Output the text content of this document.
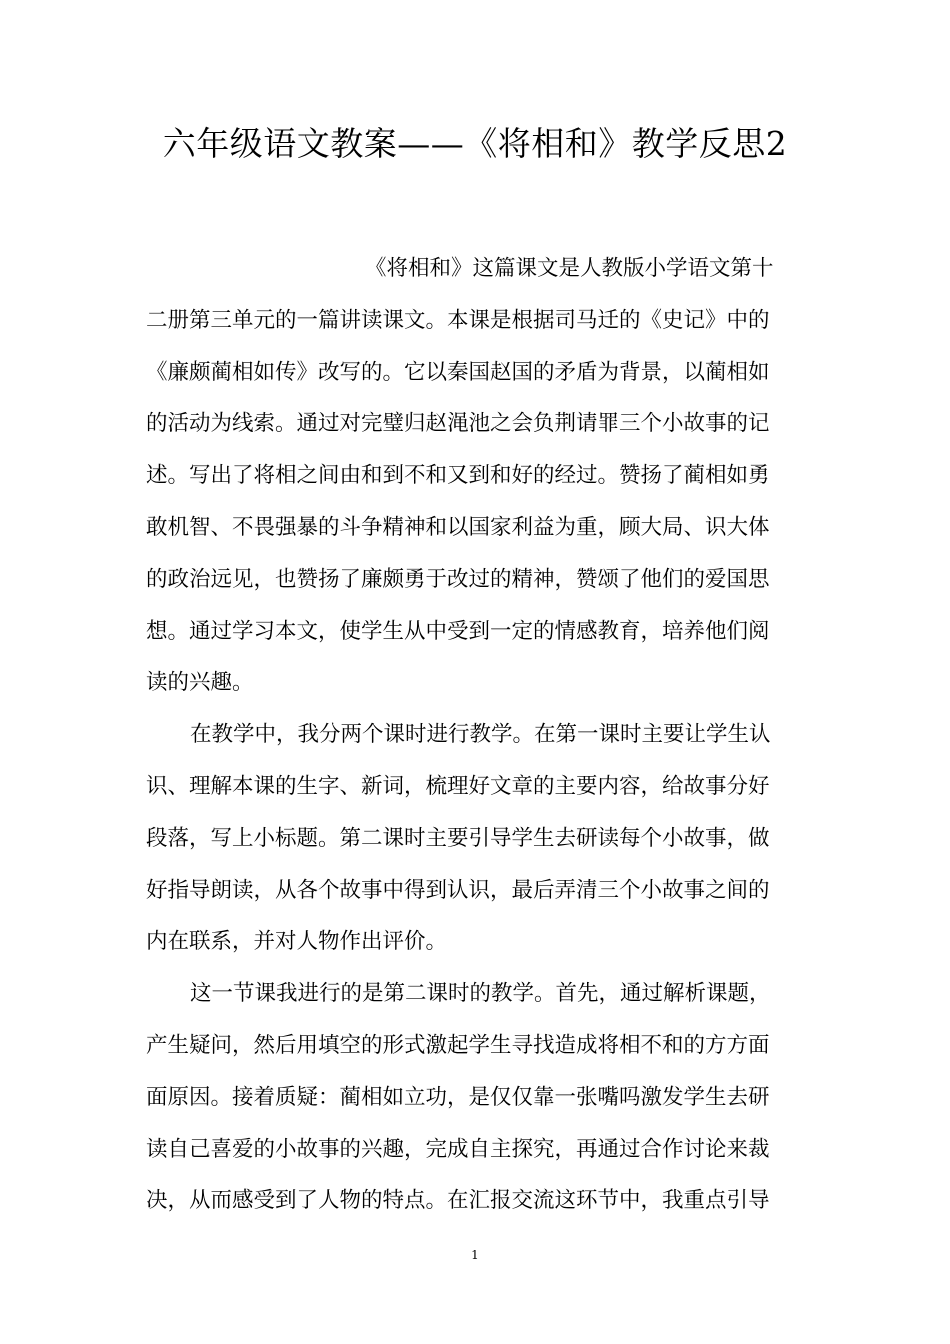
六年级语文教案——《将相和》教学反思2
《将相和》这篇课文是人教版小学语文第十
二册第三单元的一篇讲读课文。本课是根据司马迁的《史记》中的
《廉颇蔺相如传》改写的。它以秦国赵国的矛盾为背景，以蔺相如
的活动为线索。通过对完璧归赵渑池之会负荆请罪三个小故事的记
述。写出了将相之间由和到不和又到和好的经过。赞扬了蔺相如勇
敢机智、不畏强暴的斗争精神和以国家利益为重，顾大局、识大体
的政治远见，也赞扬了廉颇勇于改过的精神，赞颂了他们的爱国思
想。通过学习本文，使学生从中受到一定的情感教育，培养他们阅
读的兴趣。
在教学中，我分两个课时进行教学。在第一课时主要让学生认
识、理解本课的生字、新词，梳理好文章的主要内容，给故事分好
段落，写上小标题。第二课时主要引导学生去研读每个小故事，做
好指导朗读，从各个故事中得到认识，最后弄清三个小故事之间的
内在联系，并对人物作出评价。
这一节课我进行的是第二课时的教学。首先，通过解析课题，
产生疑问，然后用填空的形式激起学生寻找造成将相不和的方方面
面原因。接着质疑：蔺相如立功，是仅仅靠一张嘴吗激发学生去研
读自己喜爱的小故事的兴趣，完成自主探究，再通过合作讨论来裁
决，从而感受到了人物的特点。在汇报交流这环节中，我重点引导
1
